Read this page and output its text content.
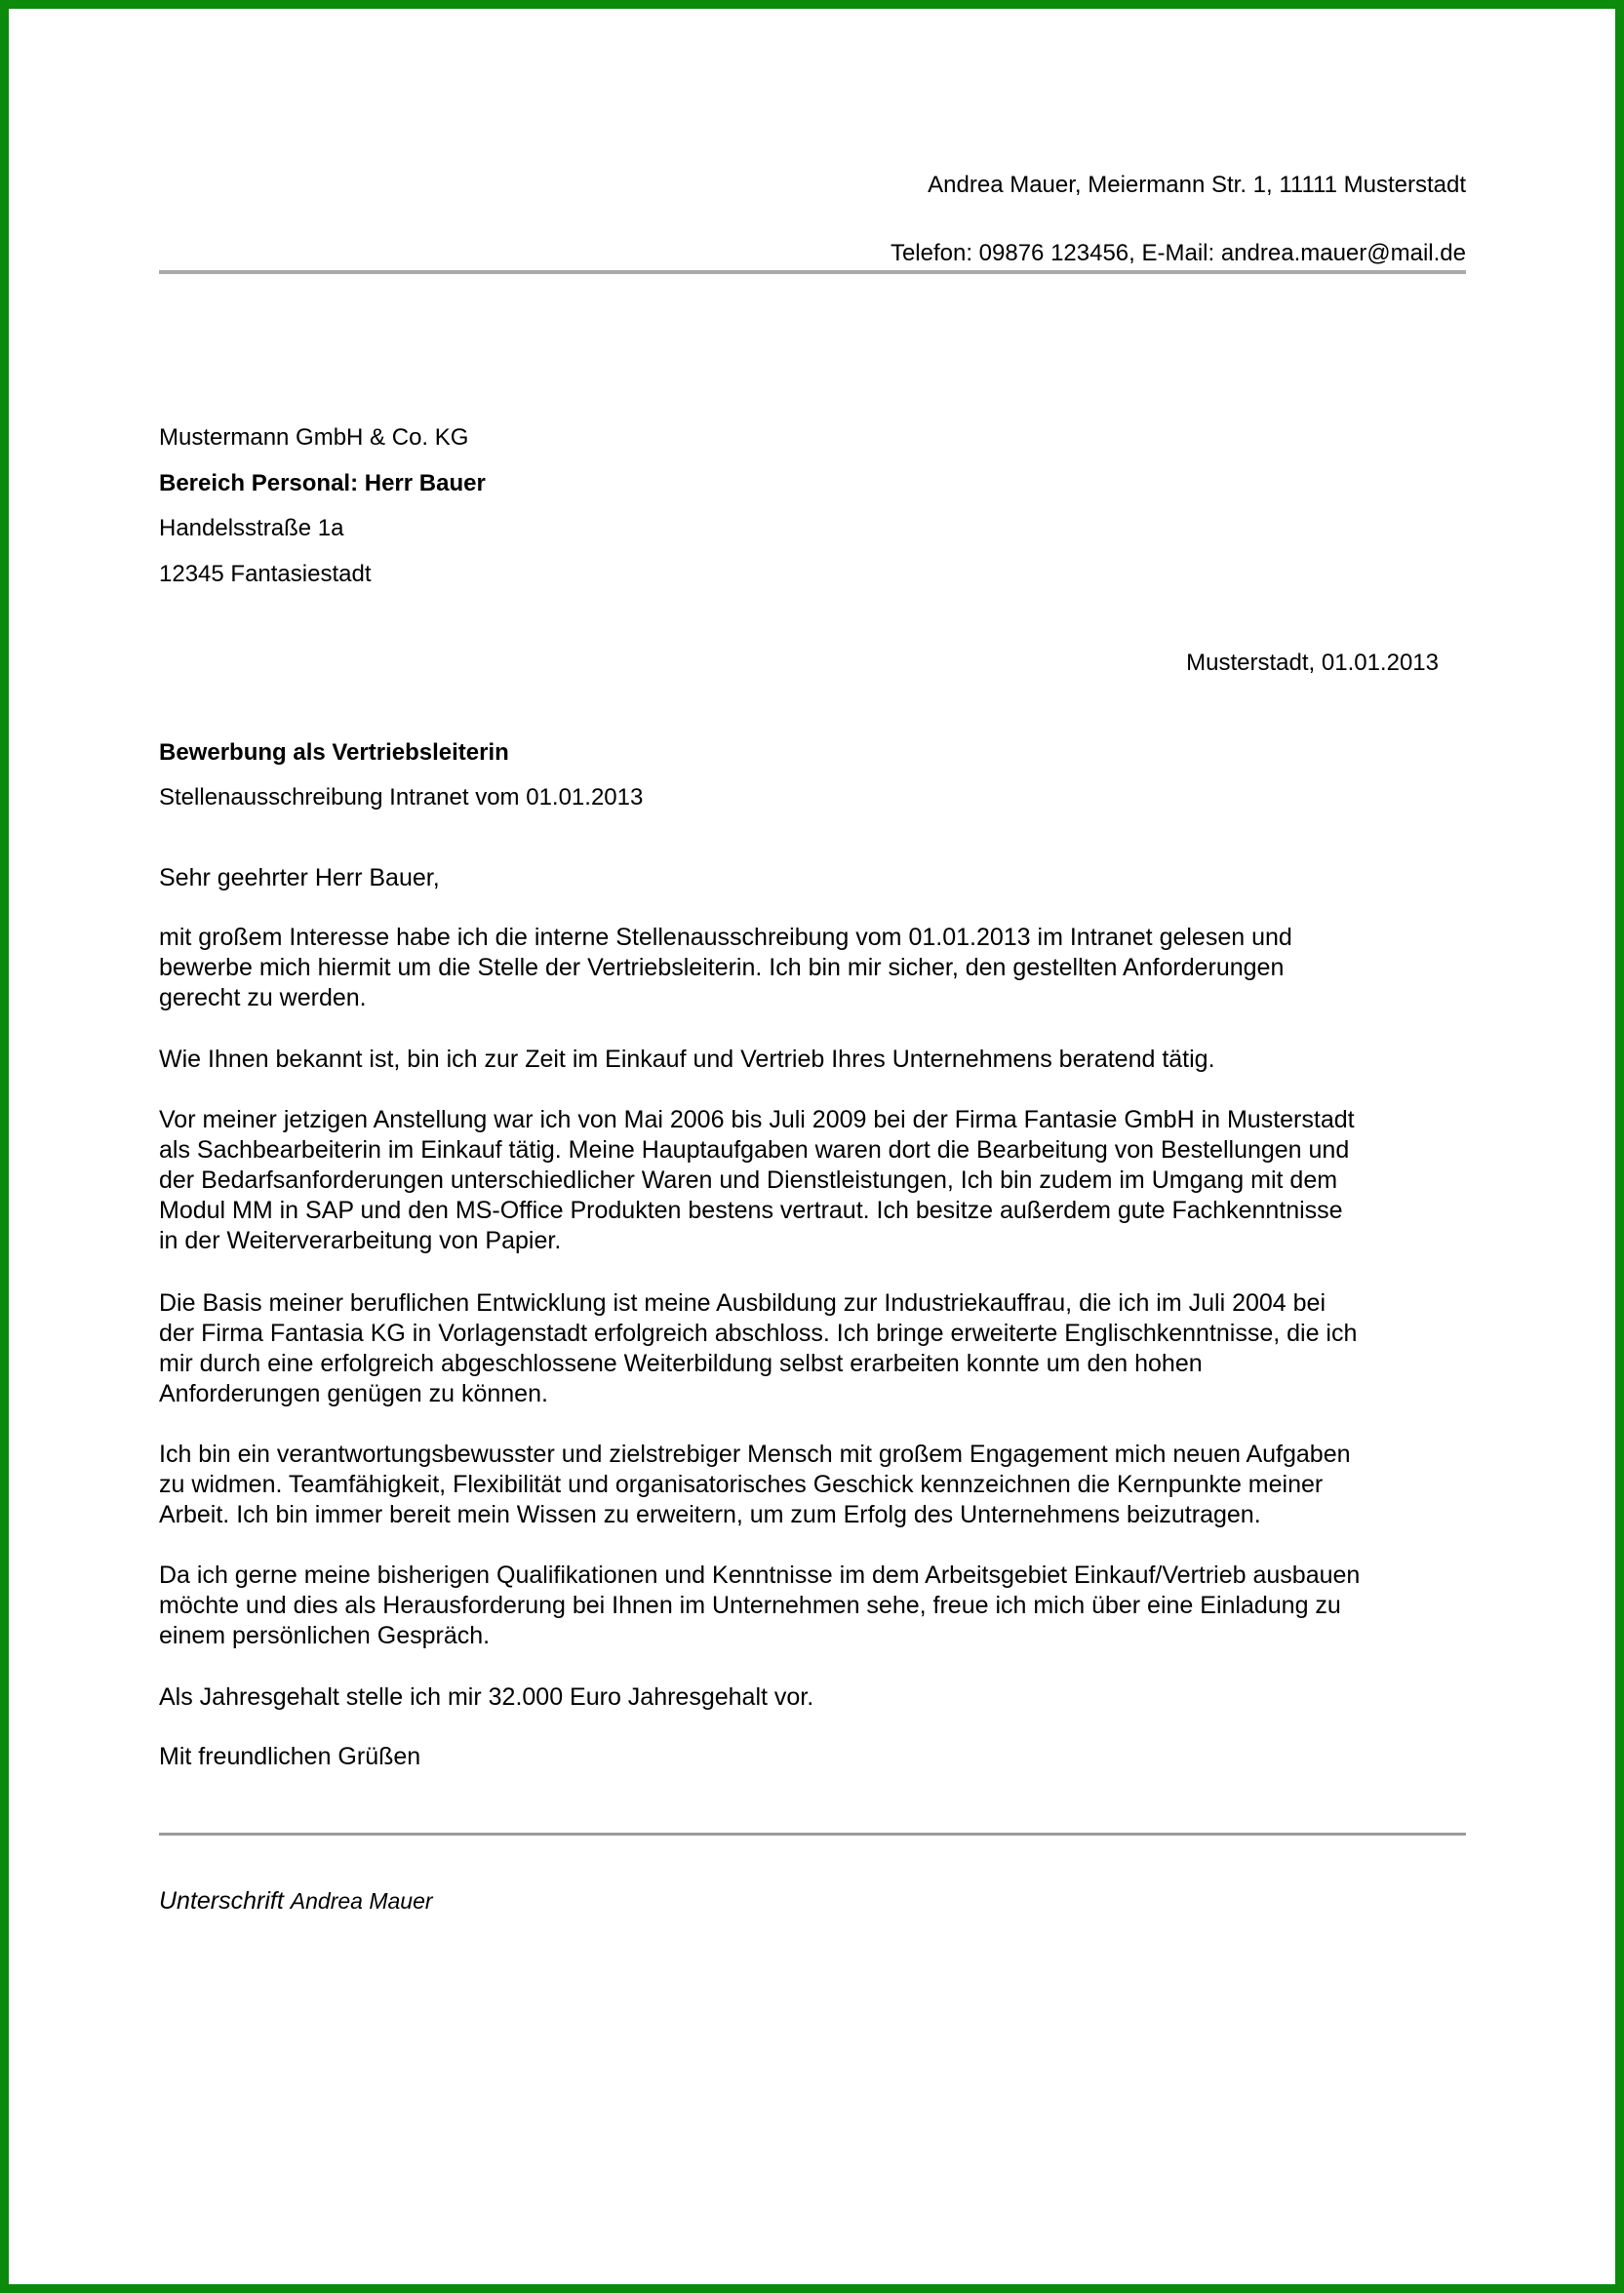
Andrea Mauer, Meiermann Str. 1, 11111 Musterstadt
Telefon: 09876 123456, E-Mail: andrea.mauer@mail.de
Mustermann GmbH & Co. KG
Bereich Personal: Herr Bauer
Handelsstraße 1a
12345 Fantasiestadt
Musterstadt, 01.01.2013
Bewerbung als Vertriebsleiterin
Stellenausschreibung Intranet vom 01.01.2013
Sehr geehrter Herr Bauer,

mit großem Interesse habe ich die interne Stellenausschreibung vom 01.01.2013 im Intranet gelesen und
bewerbe mich hiermit um die Stelle der Vertriebsleiterin. Ich bin mir sicher, den gestellten Anforderungen
gerecht zu werden.

Wie Ihnen bekannt ist, bin ich zur Zeit im Einkauf und Vertrieb Ihres Unternehmens beratend tätig.

Vor meiner jetzigen Anstellung war ich von Mai 2006 bis Juli 2009 bei der Firma Fantasie GmbH in Musterstadt
als Sachbearbeiterin im Einkauf tätig. Meine Hauptaufgaben waren dort die Bearbeitung von Bestellungen und
der Bedarfsanforderungen unterschiedlicher Waren und Dienstleistungen, Ich bin zudem im Umgang mit dem
Modul MM in SAP und den MS-Office Produkten bestens vertraut. Ich besitze außerdem gute Fachkenntnisse
in der Weiterverarbeitung von Papier.

Die Basis meiner beruflichen Entwicklung ist meine Ausbildung zur Industriekauffrau, die ich im Juli 2004 bei
der Firma Fantasia KG in Vorlagenstadt erfolgreich abschloss. Ich bringe erweiterte Englischkenntnisse, die ich
mir durch eine erfolgreich abgeschlossene Weiterbildung selbst erarbeiten konnte um den hohen
Anforderungen genügen zu können.

Ich bin ein verantwortungsbewusster und zielstrebiger Mensch mit großem Engagement mich neuen Aufgaben
zu widmen. Teamfähigkeit, Flexibilität und organisatorisches Geschick kennzeichnen die Kernpunkte meiner
Arbeit. Ich bin immer bereit mein Wissen zu erweitern, um zum Erfolg des Unternehmens beizutragen.

Da ich gerne meine bisherigen Qualifikationen und Kenntnisse im dem Arbeitsgebiet Einkauf/Vertrieb ausbauen
möchte und dies als Herausforderung bei Ihnen im Unternehmen sehe, freue ich mich über eine Einladung zu
einem persönlichen Gespräch.

Als Jahresgehalt stelle ich mir 32.000 Euro Jahresgehalt vor.

Mit freundlichen Grüßen
Unterschrift Andrea Mauer
